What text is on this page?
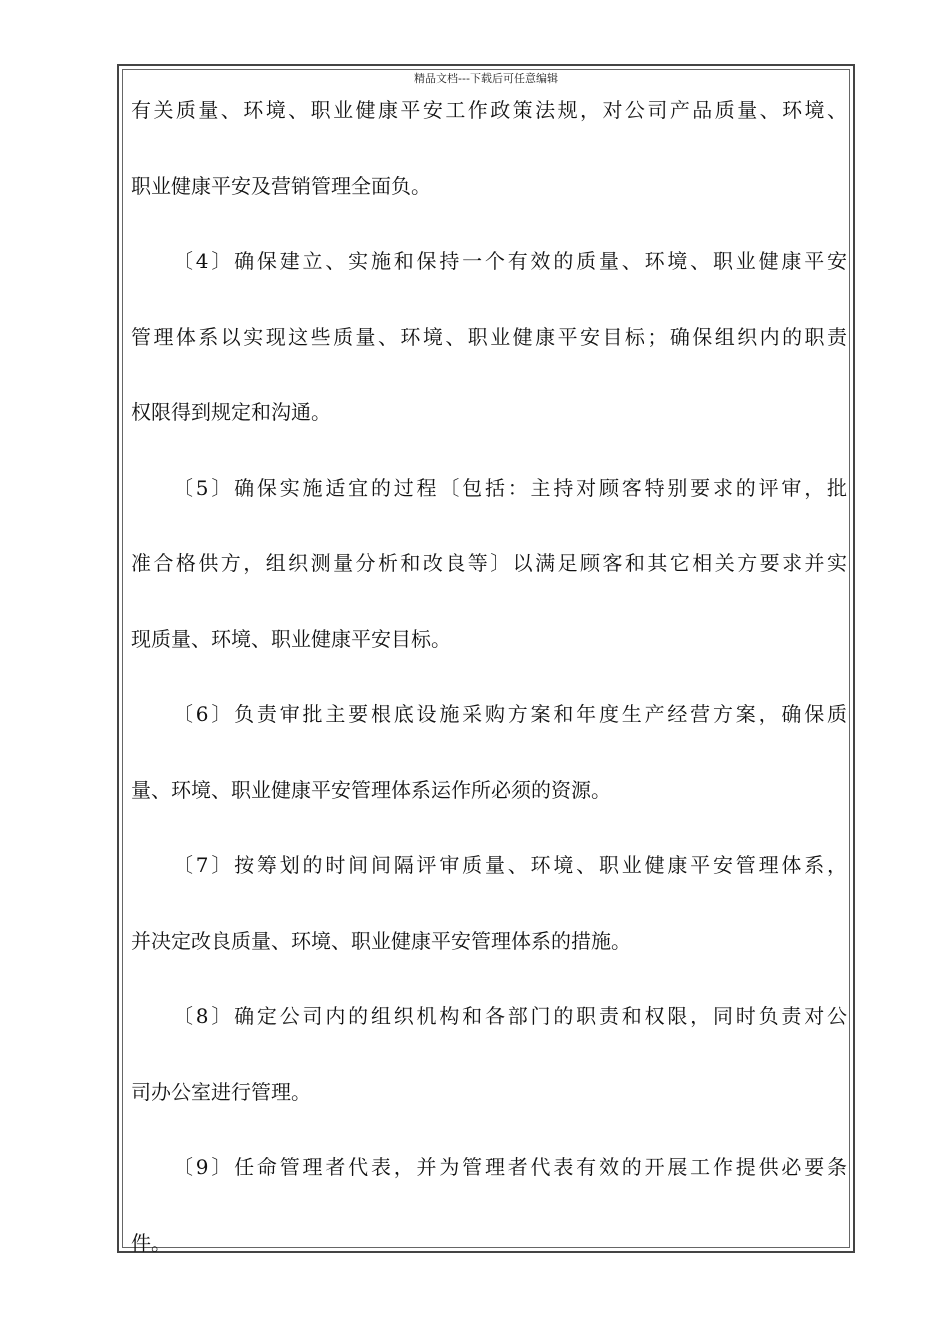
精品文档---下载后可任意编辑
有关质量、环境、职业健康平安工作政策法规，对公司产品质量、环境、
职业健康平安及营销管理全面负。
〔4〕确保建立、实施和保持一个有效的质量、环境、职业健康平安
管理体系以实现这些质量、环境、职业健康平安目标；确保组织内的职责
权限得到规定和沟通。
〔5〕确保实施适宜的过程〔包括：主持对顾客特别要求的评审，批
准合格供方，组织测量分析和改良等〕以满足顾客和其它相关方要求并实
现质量、环境、职业健康平安目标。
〔6〕负责审批主要根底设施采购方案和年度生产经营方案，确保质
量、环境、职业健康平安管理体系运作所必须的资源。
〔7〕按筹划的时间间隔评审质量、环境、职业健康平安管理体系，
并决定改良质量、环境、职业健康平安管理体系的措施。
〔8〕确定公司内的组织机构和各部门的职责和权限，同时负责对公
司办公室进行管理。
〔9〕任命管理者代表，并为管理者代表有效的开展工作提供必要条
件。
